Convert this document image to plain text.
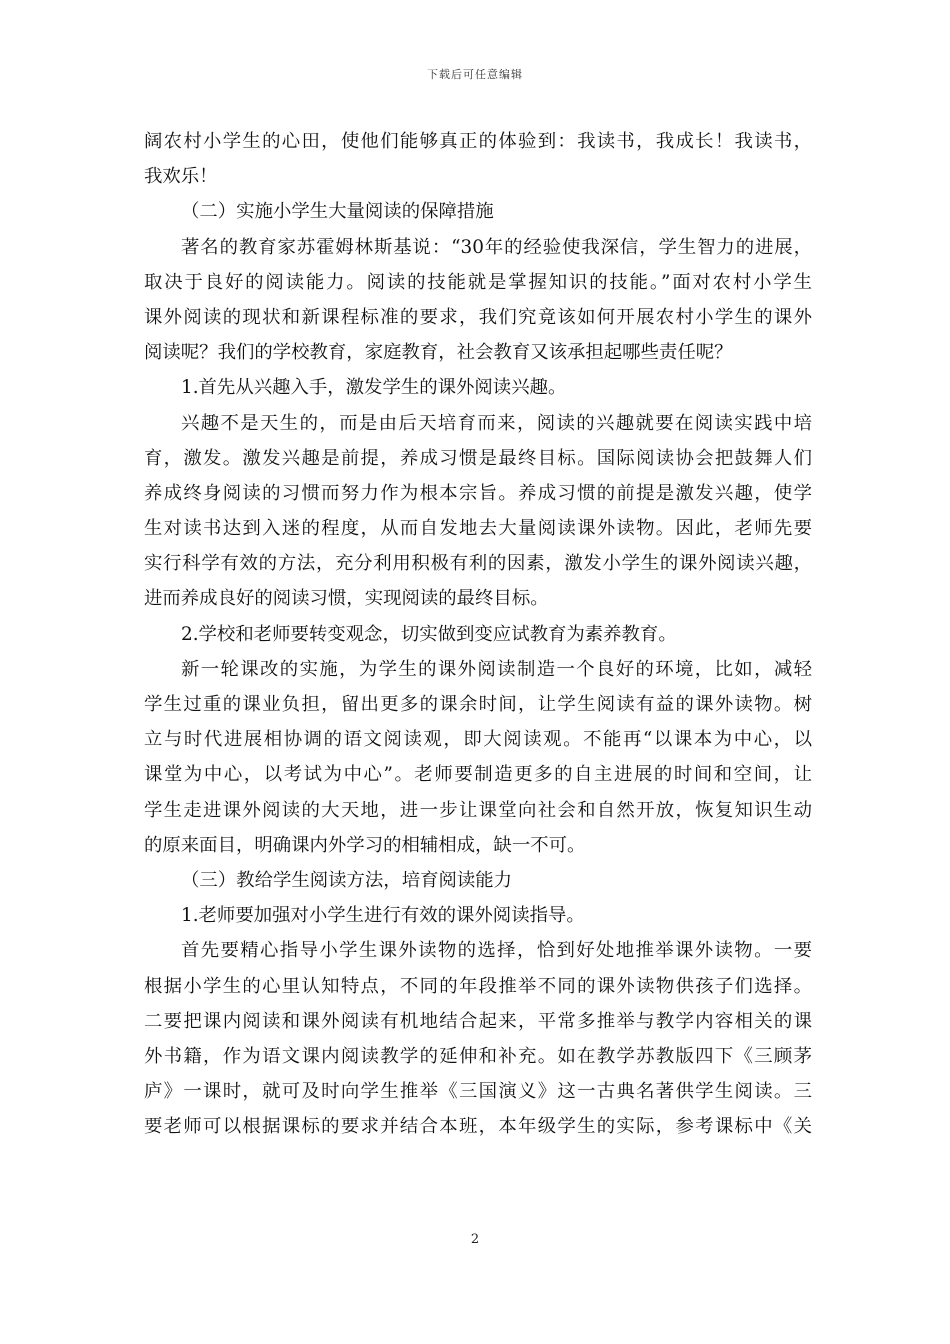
下载后可任意编辑
阔农村小学生的心田，使他们能够真正的体验到：我读书，我成长！我读书，
我欢乐！
（二）实施小学生大量阅读的保障措施
著名的教育家苏霍姆林斯基说：“30年的经验使我深信，学生智力的进展，
取决于良好的阅读能力。阅读的技能就是掌握知识的技能。”面对农村小学生
课外阅读的现状和新课程标准的要求，我们究竟该如何开展农村小学生的课外
阅读呢？我们的学校教育，家庭教育，社会教育又该承担起哪些责任呢？
1.首先从兴趣入手，激发学生的课外阅读兴趣。
兴趣不是天生的，而是由后天培育而来，阅读的兴趣就要在阅读实践中培
育，激发。激发兴趣是前提，养成习惯是最终目标。国际阅读协会把鼓舞人们
养成终身阅读的习惯而努力作为根本宗旨。养成习惯的前提是激发兴趣，使学
生对读书达到入迷的程度，从而自发地去大量阅读课外读物。因此，老师先要
实行科学有效的方法，充分利用积极有利的因素，激发小学生的课外阅读兴趣，
进而养成良好的阅读习惯，实现阅读的最终目标。
2.学校和老师要转变观念，切实做到变应试教育为素养教育。
新一轮课改的实施，为学生的课外阅读制造一个良好的环境，比如，减轻
学生过重的课业负担，留出更多的课余时间，让学生阅读有益的课外读物。树
立与时代进展相协调的语文阅读观，即大阅读观。不能再“以课本为中心，以
课堂为中心，以考试为中心”。老师要制造更多的自主进展的时间和空间，让
学生走进课外阅读的大天地，进一步让课堂向社会和自然开放，恢复知识生动
的原来面目，明确课内外学习的相辅相成，缺一不可。
（三）教给学生阅读方法，培育阅读能力
1.老师要加强对小学生进行有效的课外阅读指导。
首先要精心指导小学生课外读物的选择，恰到好处地推举课外读物。一要
根据小学生的心里认知特点，不同的年段推举不同的课外读物供孩子们选择。
二要把课内阅读和课外阅读有机地结合起来，平常多推举与教学内容相关的课
外书籍，作为语文课内阅读教学的延伸和补充。如在教学苏教版四下《三顾茅
庐》一课时，就可及时向学生推举《三国演义》这一古典名著供学生阅读。三
要老师可以根据课标的要求并结合本班，本年级学生的实际，参考课标中《关
2
